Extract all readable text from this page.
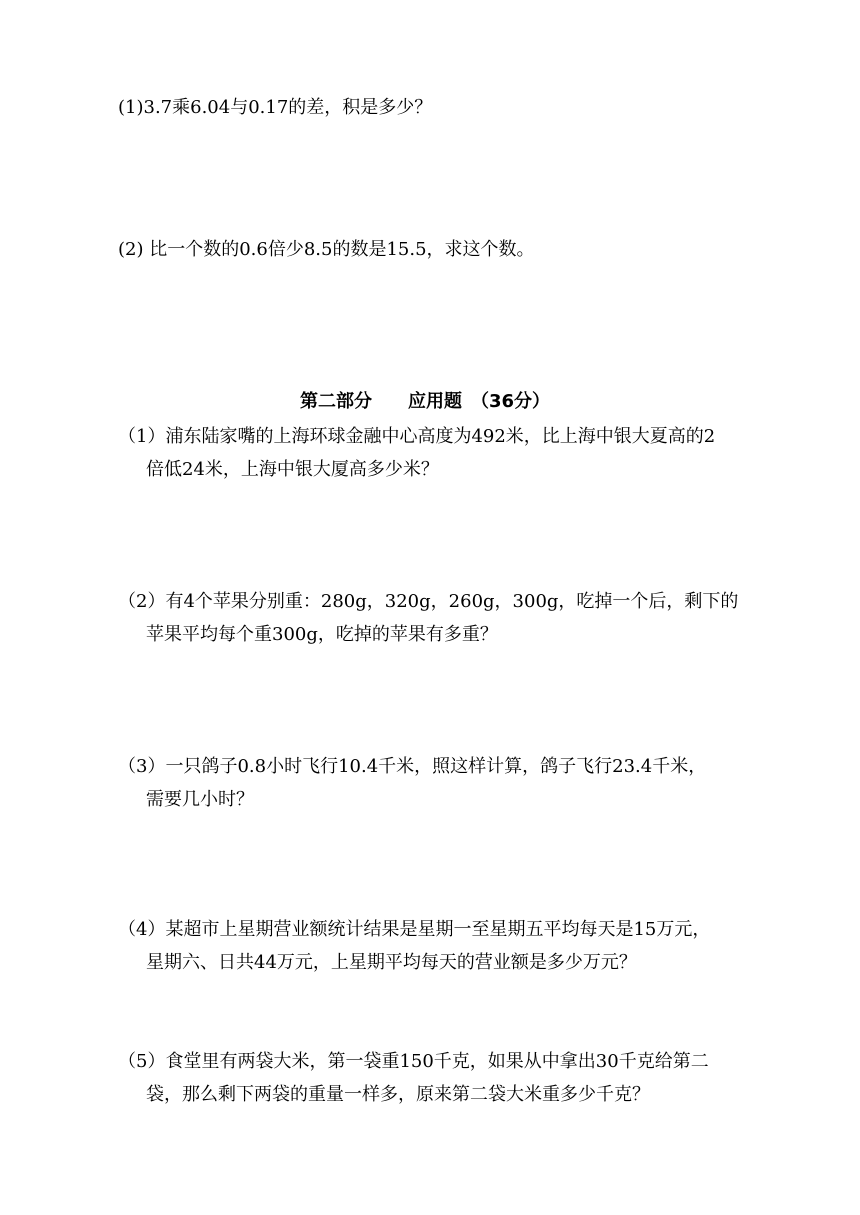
(1)3.7乘6.04与0.17的差，积是多少？
(2) 比一个数的0.6倍少8.5的数是15.5，求这个数。
第二部分　　应用题　（36分）
（1）浦东陆家嘴的上海环球金融中心高度为492米，比上海中银大夏高的2
倍低24米，上海中银大厦高多少米？
（2）有4个苹果分别重：280g，320g，260g，300g，吃掉一个后，剩下的
苹果平均每个重300g，吃掉的苹果有多重？
（3）一只鸽子0.8小时飞行10.4千米，照这样计算，鸽子飞行23.4千米，
需要几小时？
（4）某超市上星期营业额统计结果是星期一至星期五平均每天是15万元，
星期六、日共44万元，上星期平均每天的营业额是多少万元？
（5）食堂里有两袋大米，第一袋重150千克，如果从中拿出30千克给第二
袋，那么剩下两袋的重量一样多，原来第二袋大米重多少千克？
